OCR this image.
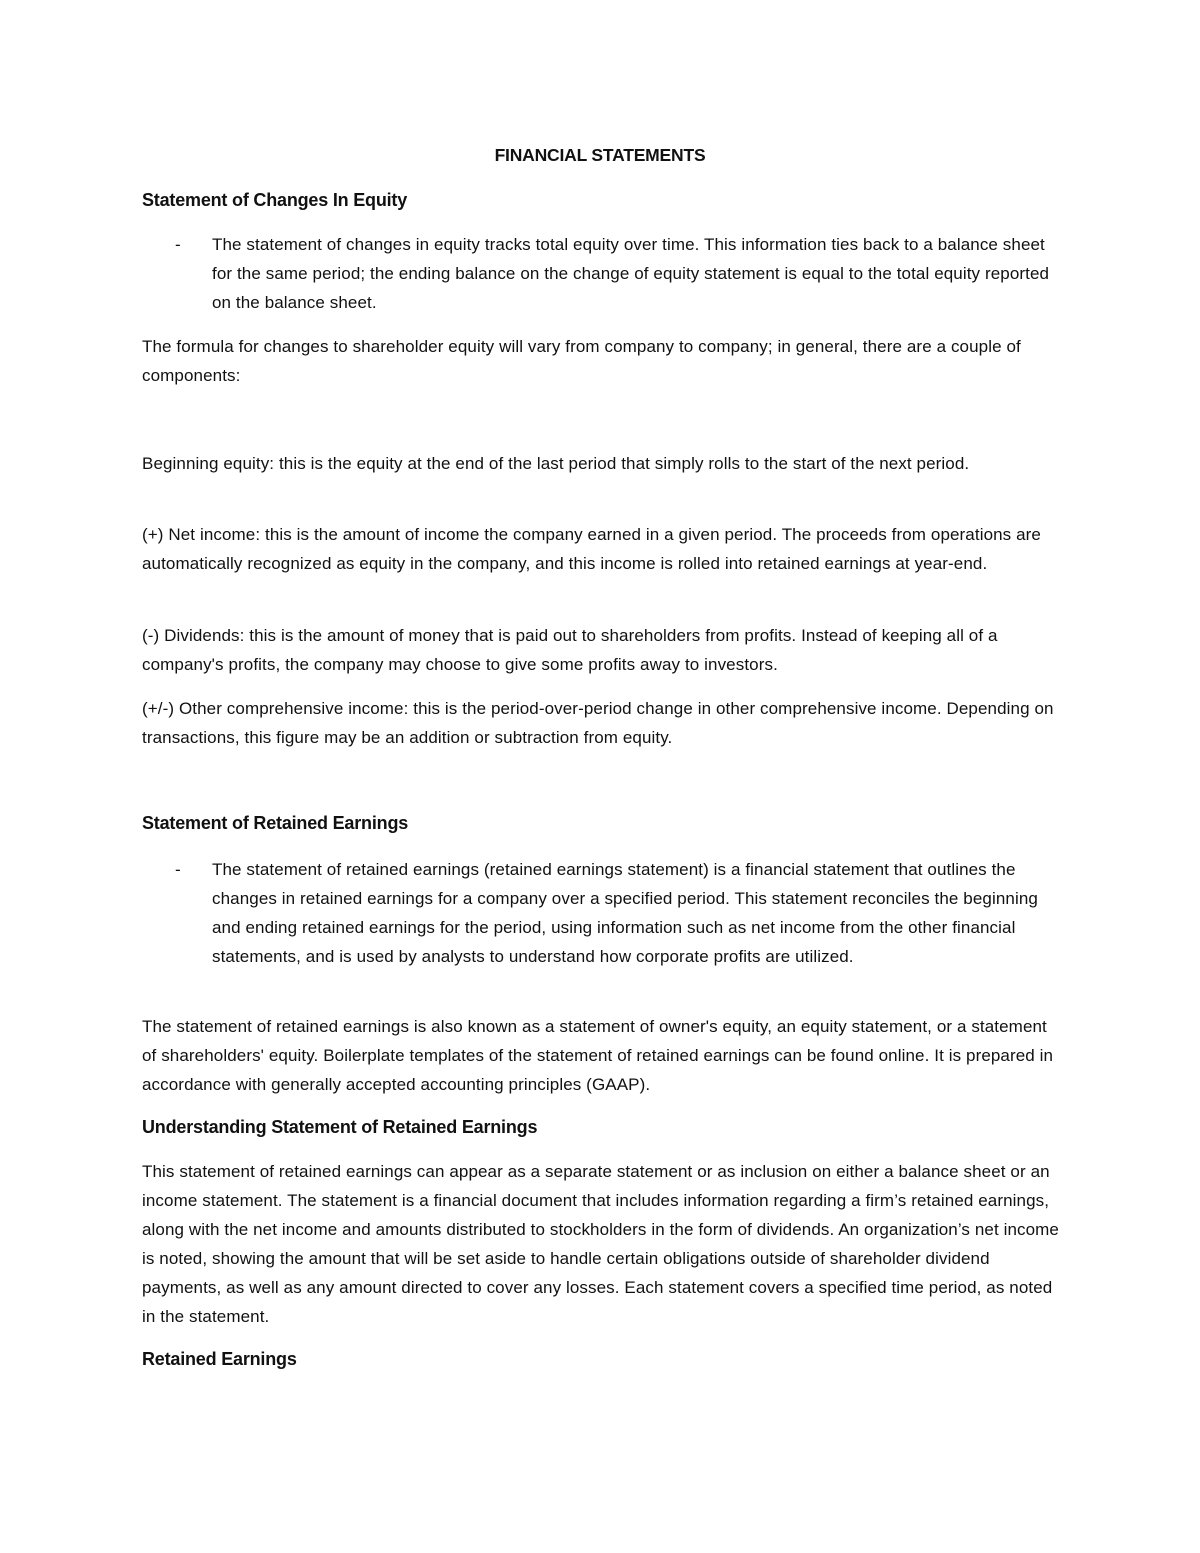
FINANCIAL STATEMENTS

Statement of Changes In Equity

- The statement of changes in equity tracks total equity over time. This information ties back to a balance sheet for the same period; the ending balance on the change of equity statement is equal to the total equity reported on the balance sheet.

The formula for changes to shareholder equity will vary from company to company; in general, there are a couple of components:

Beginning equity: this is the equity at the end of the last period that simply rolls to the start of the next period.

(+) Net income: this is the amount of income the company earned in a given period. The proceeds from operations are automatically recognized as equity in the company, and this income is rolled into retained earnings at year-end.

(-) Dividends: this is the amount of money that is paid out to shareholders from profits. Instead of keeping all of a company's profits, the company may choose to give some profits away to investors.

(+/-) Other comprehensive income: this is the period-over-period change in other comprehensive income. Depending on transactions, this figure may be an addition or subtraction from equity.

Statement of Retained Earnings

- The statement of retained earnings (retained earnings statement) is a financial statement that outlines the changes in retained earnings for a company over a specified period. This statement reconciles the beginning and ending retained earnings for the period, using information such as net income from the other financial statements, and is used by analysts to understand how corporate profits are utilized.

The statement of retained earnings is also known as a statement of owner's equity, an equity statement, or a statement of shareholders' equity. Boilerplate templates of the statement of retained earnings can be found online. It is prepared in accordance with generally accepted accounting principles (GAAP).

Understanding Statement of Retained Earnings

This statement of retained earnings can appear as a separate statement or as inclusion on either a balance sheet or an income statement. The statement is a financial document that includes information regarding a firm’s retained earnings, along with the net income and amounts distributed to stockholders in the form of dividends. An organization’s net income is noted, showing the amount that will be set aside to handle certain obligations outside of shareholder dividend payments, as well as any amount directed to cover any losses. Each statement covers a specified time period, as noted in the statement.

Retained Earnings
